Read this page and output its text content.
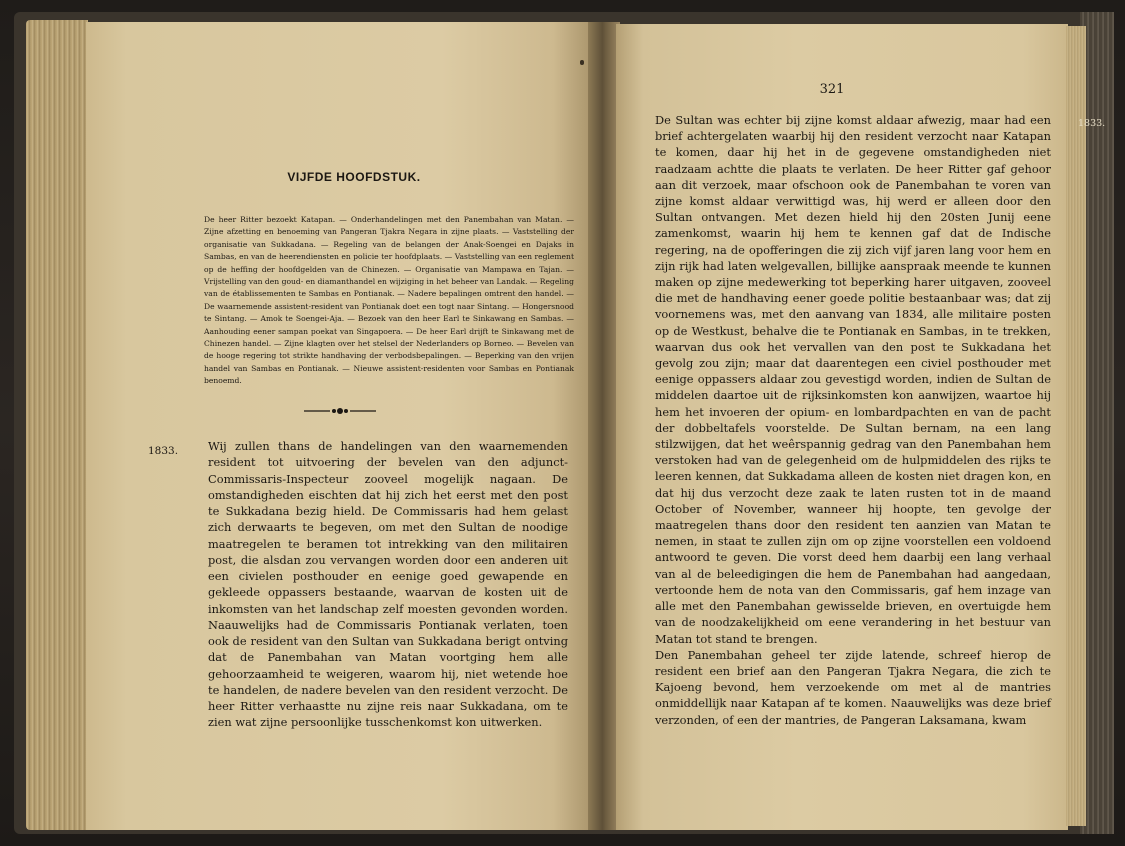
VIJFDE HOOFDSTUK.
De heer Ritter bezoekt Katapan. — Onderhandelingen met den Panembahan van Matan. — Zijne afzetting en benoeming van Pangeran Tjakra Negara in zijne plaats. — Vaststelling der organisatie van Sukkadana. — Regeling van de belangen der Anak-Soengei en Dajaks in Sambas, en van de heerendiensten en policie ter hoofdplaats. — Vaststelling van een reglement op de heffing der hoofdgelden van de Chinezen. — Organisatie van Mampawa en Tajan. — Vrijstelling van den goud- en diamanthandel en wijziging in het beheer van Landak. — Regeling van de établissementen te Sambas en Pontianak. — Nadere bepalingen omtrent den handel. — De waarnemende assistent-resident van Pontianak doet een togt naar Sintang. — Hongersnood te Sintang. — Amok te Soengei-Aja. — Bezoek van den heer Earl te Sinkawang en Sambas. — Aanhouding eener sampan poekat van Singapoera. — De heer Earl drijft te Sinkawang met de Chinezen handel. — Zijne klagten over het stelsel der Nederlanders op Borneo. — Bevelen van de hooge regering tot strikte handhaving der verbodsbepalingen. — Beperking van den vrijen handel van Sambas en Pontianak. — Nieuwe assistent-residenten voor Sambas en Pontianak benoemd.
1833.	Wij zullen thans de handelingen van den waarnemenden resident tot uitvoering der bevelen van den adjunct-Commissaris-Inspecteur zooveel mogelijk nagaan. De omstandigheden eischten dat hij zich het eerst met den post te Sukkadana bezig hield. De Commissaris had hem gelast zich derwaarts te begeven, om met den Sultan de noodige maatregelen te beramen tot intrekking van den militairen post, die alsdan zou vervangen worden door een anderen uit een civielen posthouder en eenige goed gewapende en gekleede oppassers bestaande, waarvan de kosten uit de inkomsten van het landschap zelf moesten gevonden worden. Naauwelijks had de Commissaris Pontianak verlaten, toen ook de resident van den Sultan van Sukkadana berigt ontving dat de Panembahan van Matan voortging hem alle gehoorzaamheid te weigeren, waarom hij, niet wetende hoe te handelen, de nadere bevelen van den resident verzocht. De heer Ritter verhaastte nu zijne reis naar Sukkadana, om te zien wat zijne persoonlijke tusschenkomst kon uitwerken.
321
1833.
De Sultan was echter bij zijne komst aldaar afwezig, maar had een brief achtergelaten waarbij hij den resident verzocht naar Katapan te komen, daar hij het in de gegevene omstandigheden niet raadzaam achtte die plaats te verlaten. De heer Ritter gaf gehoor aan dit verzoek, maar ofschoon ook de Panembahan te voren van zijne komst aldaar verwittigd was, hij werd er alleen door den Sultan ontvangen. Met dezen hield hij den 20sten Junij eene zamenkomst, waarin hij hem te kennen gaf dat de Indische regering, na de opofferingen die zij zich vijf jaren lang voor hem en zijn rijk had laten welgevallen, billijke aanspraak meende te kunnen maken op zijne medewerking tot beperking harer uitgaven, zooveel die met de handhaving eener goede politie bestaanbaar was; dat zij voornemens was, met den aanvang van 1834, alle militaire posten op de Westkust, behalve die te Pontianak en Sambas, in te trekken, waarvan dus ook het vervallen van den post te Sukkadana het gevolg zou zijn; maar dat daarentegen een civiel posthouder met eenige oppassers aldaar zou gevestigd worden, indien de Sultan de middelen daartoe uit de rijksinkomsten kon aanwijzen, waartoe hij hem het invoeren der opium- en lombardpachten en van de pacht der dobbeltafels voorstelde. De Sultan bernam, na een lang stilzwijgen, dat het weêrspannig gedrag van den Panembahan hem verstoken had van de gelegenheid om de hulpmiddelen des rijks te leeren kennen, dat Sukkadama alleen de kosten niet dragen kon, en dat hij dus verzocht deze zaak te laten rusten tot in de maand October of November, wanneer hij hoopte, ten gevolge der maatregelen thans door den resident ten aanzien van Matan te nemen, in staat te zullen zijn om op zijne voorstellen een voldoend antwoord te geven. Die vorst deed hem daarbij een lang verhaal van al de beleedigingen die hem de Panembahan had aangedaan, vertoonde hem de nota van den Commissaris, gaf hem inzage van alle met den Panembahan gewisselde brieven, en overtuigde hem van de noodzakelijkheid om eene verandering in het bestuur van Matan tot stand te brengen.
Den Panembahan geheel ter zijde latende, schreef hierop de resident een brief aan den Pangeran Tjakra Negara, die zich te Kajoeng bevond, hem verzoekende om met al de mantries onmiddellijk naar Katapan af te komen. Naauwelijks was deze brief verzonden, of een der mantries, de Pangeran Laksamana, kwam
